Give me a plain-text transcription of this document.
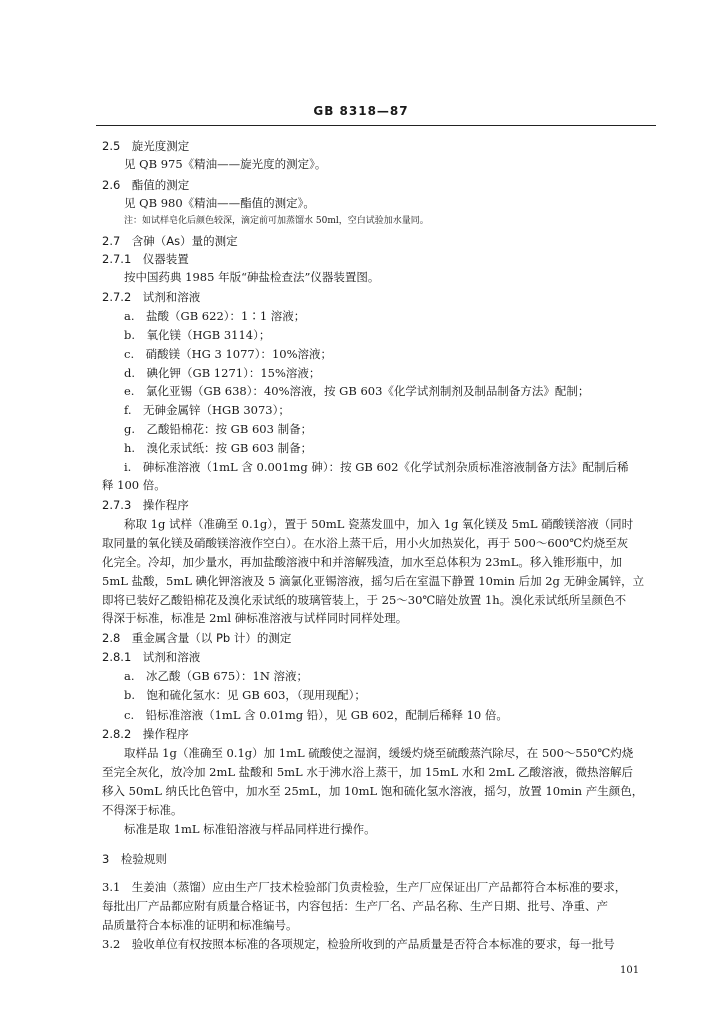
GB 8318—87
2.5　旋光度测定
见 QB 975《精油——旋光度的测定》。
2.6　酯值的测定
见 QB 980《精油——酯值的测定》。
注：如试样皂化后颜色较深，滴定前可加蒸馏水 50ml，空白试验加水量同。
2.7　含砷（As）量的测定
2.7.1　仪器装置
按中国药典 1985 年版“砷盐检查法”仪器装置图。
2.7.2　试剂和溶液
a.　盐酸（GB 622）：1∶1 溶液；
b.　氧化镁（HGB 3114）；
c.　硝酸镁（HG 3 1077）：10%溶液；
d.　碘化钾（GB 1271）：15%溶液；
e.　氯化亚锡（GB 638）：40%溶液，按 GB 603《化学试剂制剂及制品制备方法》配制；
f.　无砷金属锌（HGB 3073）；
g.　乙酸铅棉花：按 GB 603 制备；
h.　溴化汞试纸：按 GB 603 制备；
i.　砷标准溶液（1mL 含 0.001mg 砷）：按 GB 602《化学试剂杂质标准溶液制备方法》配制后稀
释 100 倍。
2.7.3　操作程序
称取 1g 试样（准确至 0.1g），置于 50mL 瓷蒸发皿中，加入 1g 氧化镁及 5mL 硝酸镁溶液（同时
取同量的氧化镁及硝酸镁溶液作空白）。在水浴上蒸干后，用小火加热炭化，再于 500～600℃灼烧至灰
化完全。冷却，加少量水，再加盐酸溶液中和并溶解残渣，加水至总体积为 23mL。移入锥形瓶中，加
5mL 盐酸，5mL 碘化钾溶液及 5 滴氯化亚锡溶液，摇匀后在室温下静置 10min 后加 2g 无砷金属锌，立
即将已装好乙酸铅棉花及溴化汞试纸的玻璃管装上，于 25～30℃暗处放置 1h。溴化汞试纸所呈颜色不
得深于标准，标准是 2ml 砷标准溶液与试样同时同样处理。
2.8　重金属含量（以 Pb 计）的测定
2.8.1　试剂和溶液
a.　冰乙酸（GB 675）：1N 溶液；
b.　饱和硫化氢水：见 GB 603，（现用现配）；
c.　铅标准溶液（1mL 含 0.01mg 铅），见 GB 602，配制后稀释 10 倍。
2.8.2　操作程序
取样品 1g（准确至 0.1g）加 1mL 硫酸使之湿润，缓缓灼烧至硫酸蒸汽除尽，在 500～550℃灼烧
至完全灰化，放冷加 2mL 盐酸和 5mL 水于沸水浴上蒸干，加 15mL 水和 2mL 乙酸溶液，微热溶解后
移入 50mL 纳氏比色管中，加水至 25mL，加 10mL 饱和硫化氢水溶液，摇匀，放置 10min 产生颜色，
不得深于标准。
标准是取 1mL 标准铅溶液与样品同样进行操作。
3　检验规则
3.1　生姜油（蒸馏）应由生产厂技术检验部门负责检验，生产厂应保证出厂产品都符合本标准的要求，
每批出厂产品都应附有质量合格证书，内容包括：生产厂名、产品名称、生产日期、批号、净重、产
品质量符合本标准的证明和标准编号。
3.2　验收单位有权按照本标准的各项规定，检验所收到的产品质量是否符合本标准的要求，每一批号
101
